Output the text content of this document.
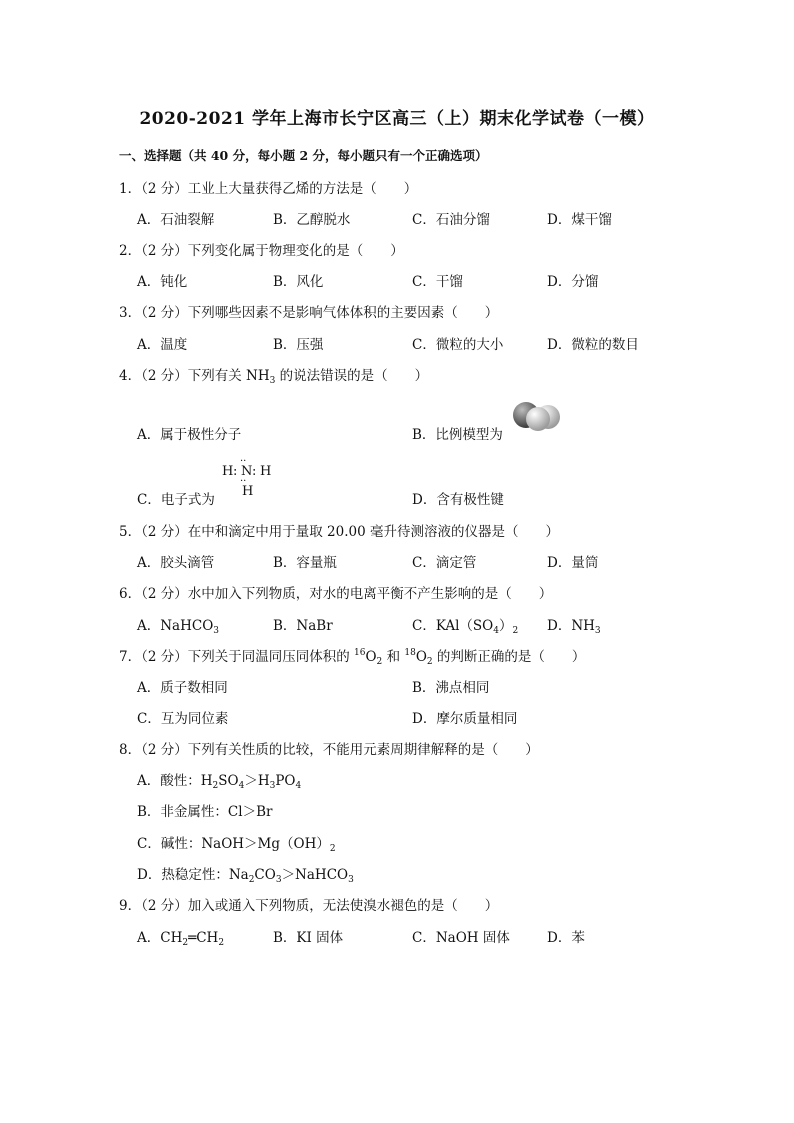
2020-2021 学年上海市长宁区高三（上）期末化学试卷（一模）
一、选择题（共 40 分，每小题 2 分，每小题只有一个正确选项）
1．（2 分）工业上大量获得乙烯的方法是（　　）
A．石油裂解	B．乙醇脱水	C．石油分馏	D．煤干馏
2．（2 分）下列变化属于物理变化的是（　　）
A．钝化	B．风化	C．干馏	D．分馏
3．（2 分）下列哪些因素不是影响气体体积的主要因素（　　）
A．温度	B．压强	C．微粒的大小	D．微粒的数目
4．（2 分）下列有关 $NH_3$ 的说法错误的是（　　）
A．属于极性分子	B．比例模型为
··
H : N : H
··
H
C．电子式为	D．含有极性键
5．（2 分）在中和滴定中用于量取 20.00 毫升待测溶液的仪器是（　　）
A．胶头滴管	B．容量瓶	C．滴定管	D．量筒
6．（2 分）水中加入下列物质，对水的电离平衡不产生影响的是（　　）
A．NaHCO$_3$	B．NaBr	C．$KAl(SO_4)_2$ D．$NH_3$
7．（2 分）下列关于同温同压同体积的 $^{16}O_2$ 和 $^{18}O_2$ 的判断正确的是（　　）
A．质子数相同	B．沸点相同
C．互为同位素	D．摩尔质量相同
8．（2 分）下列有关性质的比较，不能用元素周期律解释的是（　　）
A．酸性：$H_2SO_4>H_3PO_4$
B．非金属性：Cl＞Br
C．碱性：$NaOH>Mg(OH)_2$
D．热稳定性：$Na_2CO_3>NaHCO_3$
9．（2 分）加入或通入下列物质，无法使溴水褪色的是（　　）
A．$CH_2═CH_2$	B．KI 固体	C．NaOH 固体	D．苯
